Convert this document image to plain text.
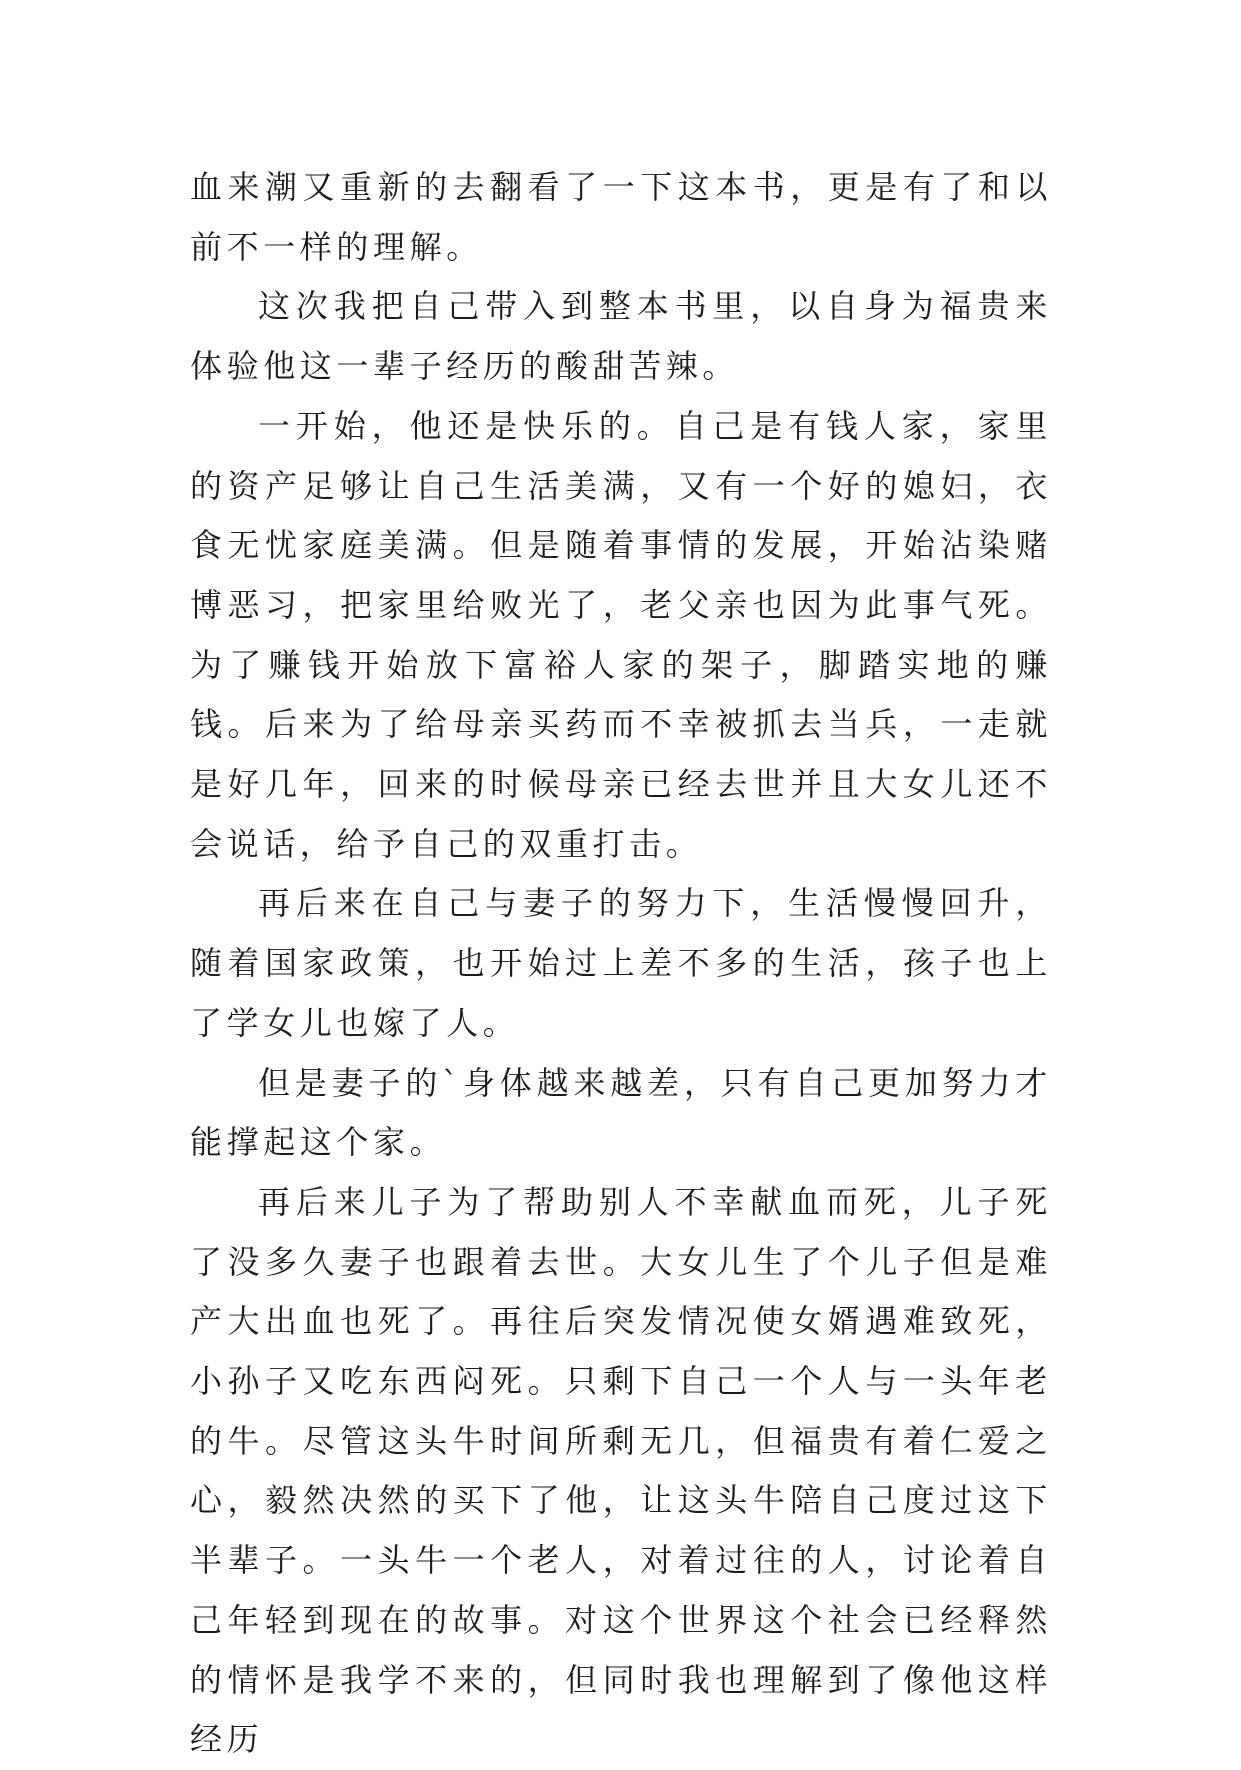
血来潮又重新的去翻看了一下这本书，更是有了和以前不一样的理解。

这次我把自己带入到整本书里，以自身为福贵来体验他这一辈子经历的酸甜苦辣。

一开始，他还是快乐的。自己是有钱人家，家里的资产足够让自己生活美满，又有一个好的媳妇，衣食无忧家庭美满。但是随着事情的发展，开始沾染赌博恶习，把家里给败光了，老父亲也因为此事气死。为了赚钱开始放下富裕人家的架子，脚踏实地的赚钱。后来为了给母亲买药而不幸被抓去当兵，一走就是好几年，回来的时候母亲已经去世并且大女儿还不会说话，给予自己的双重打击。

再后来在自己与妻子的努力下，生活慢慢回升，随着国家政策，也开始过上差不多的生活，孩子也上了学女儿也嫁了人。

但是妻子的`身体越来越差，只有自己更加努力才能撑起这个家。

再后来儿子为了帮助别人不幸献血而死，儿子死了没多久妻子也跟着去世。大女儿生了个儿子但是难产大出血也死了。再往后突发情况使女婿遇难致死，小孙子又吃东西闷死。只剩下自己一个人与一头年老的牛。尽管这头牛时间所剩无几，但福贵有着仁爱之心，毅然决然的买下了他，让这头牛陪自己度过这下半辈子。一头牛一个老人，对着过往的人，讨论着自己年轻到现在的故事。对这个世界这个社会已经释然的情怀是我学不来的，但同时我也理解到了像他这样经历
